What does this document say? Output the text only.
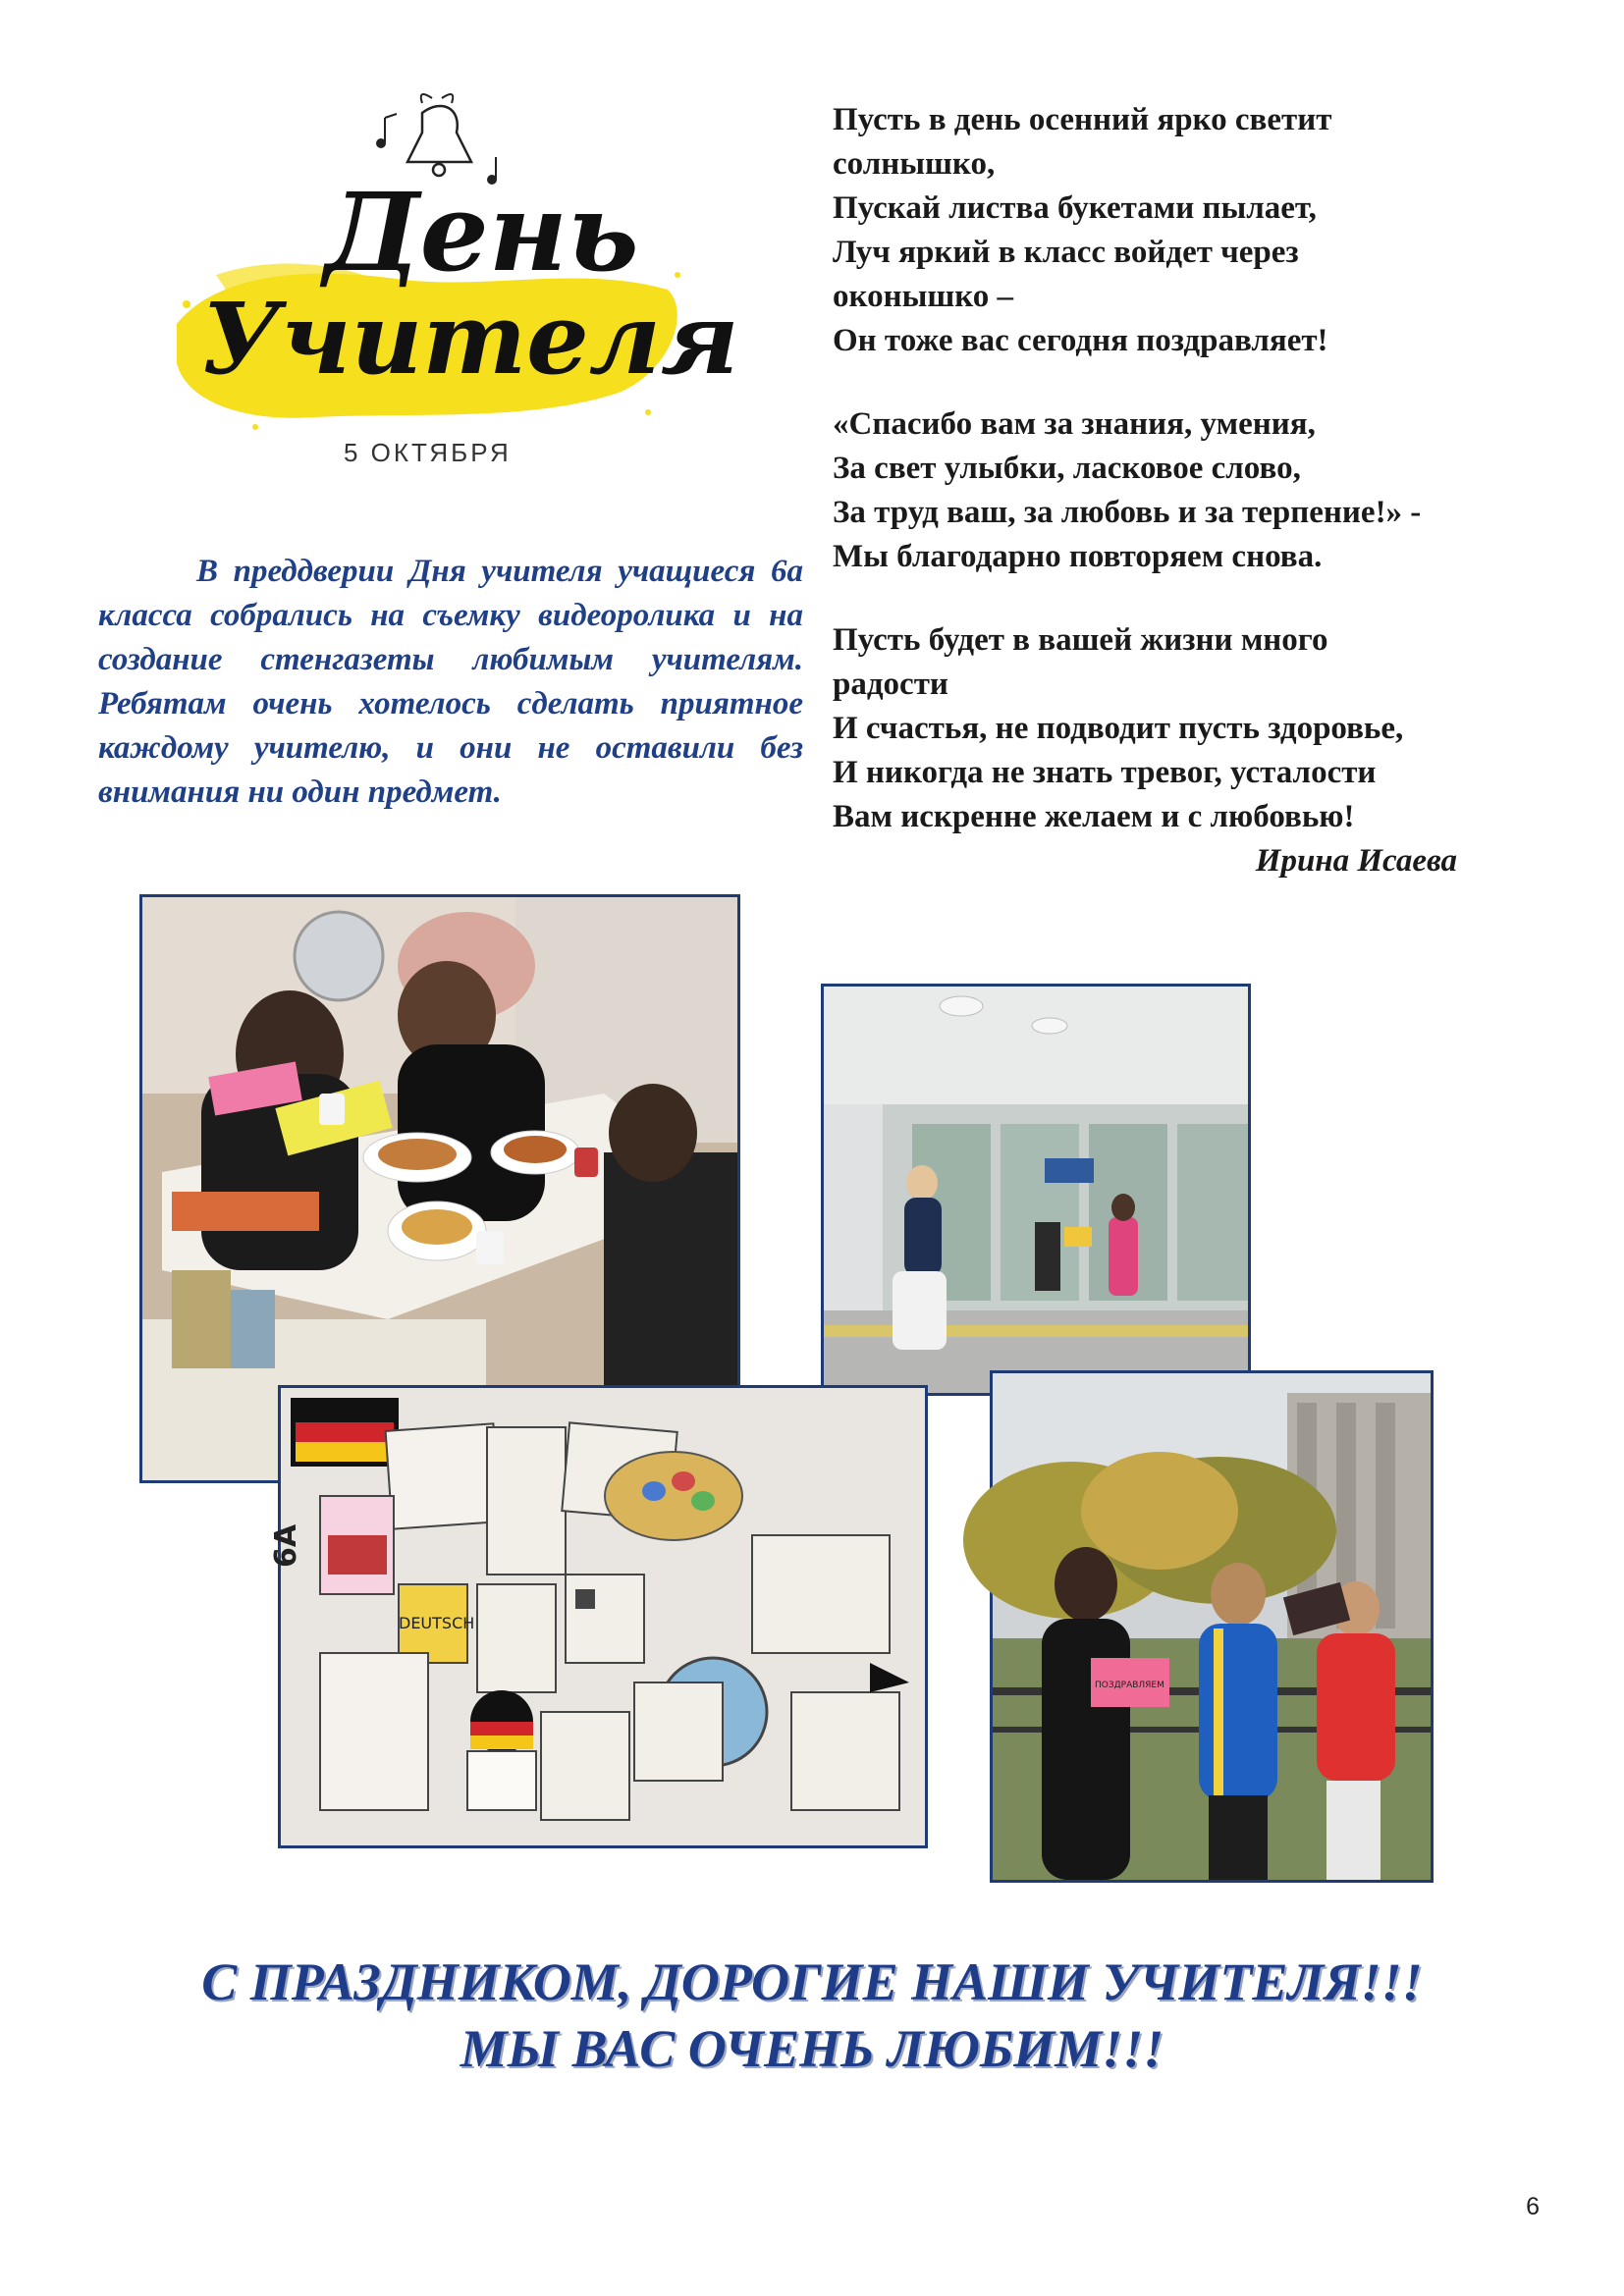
День
Учителя
5 ОКТЯБРЯ
Пусть в день осенний ярко светит
солнышко,
Пускай листва букетами пылает,
Луч яркий в класс войдет через
оконышко –
Он тоже вас сегодня поздравляет!
«Спасибо вам за знания, умения,
За свет улыбки, ласковое слово,
За труд ваш, за любовь и за терпение!» -
Мы благодарно повторяем снова.
Пусть будет в вашей жизни много
радости
И счастья, не подводит пусть здоровье,
И никогда не знать тревог, усталости
Вам искренне желаем и с любовью!
Ирина Исаева
В преддверии Дня учителя учащиеся 6а класса собрались на съемку видеоролика и на создание стенгазеты любимым учителям. Ребятам очень хотелось сделать приятное каждому учителю, и они не оставили без внимания ни один предмет.
6А
DEUTSCH
ПОЗДРАВЛЯЕМ
С ПРАЗДНИКОМ, ДОРОГИЕ НАШИ УЧИТЕЛЯ!!!
МЫ ВАС ОЧЕНЬ ЛЮБИМ!!!
6
